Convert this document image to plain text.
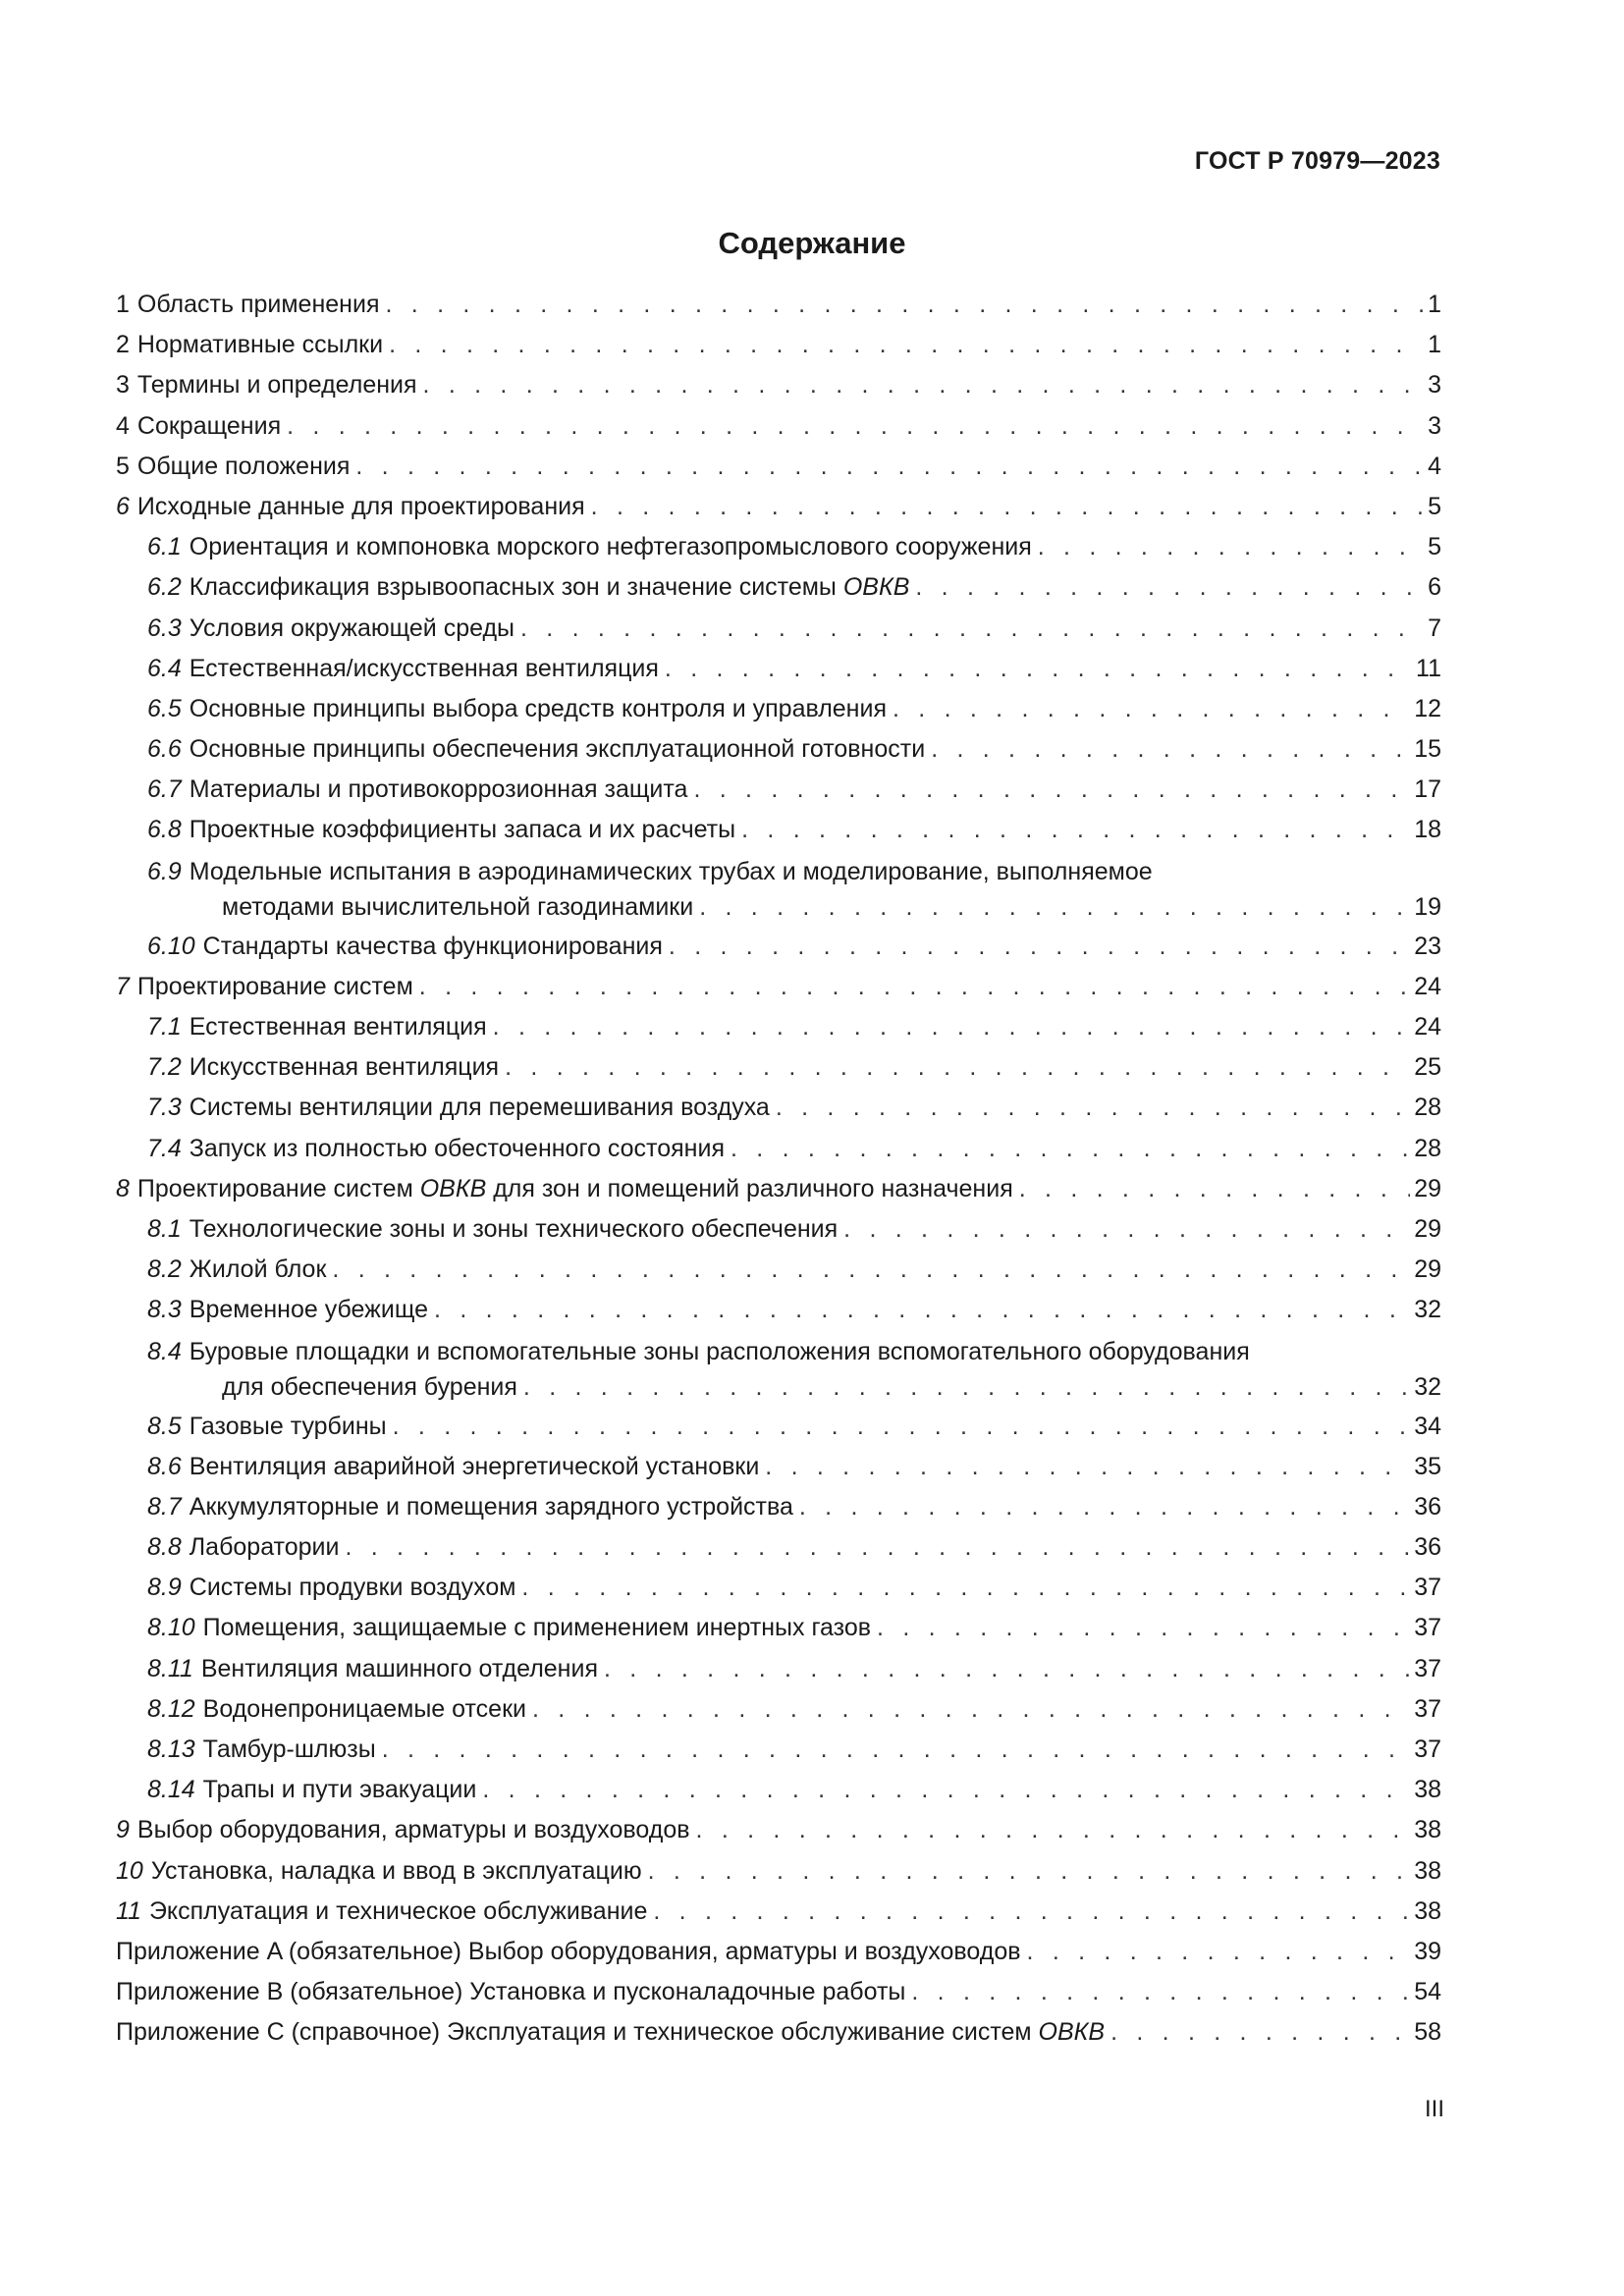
ГОСТ Р 70979—2023
Содержание
1 Область применения . . .	1
2 Нормативные ссылки . . .	1
3 Термины и определения . . .	3
4 Сокращения . . .	3
5 Общие положения . . .	4
6 Исходные данные для проектирования . . .	5
6.1 Ориентация и компоновка морского нефтегазопромыслового сооружения . . .	5
6.2 Классификация взрывоопасных зон и значение системы ОВКВ . . .	6
6.3 Условия окружающей среды . . .	7
6.4 Естественная/искусственная вентиляция . . .	11
6.5 Основные принципы выбора средств контроля и управления . . .	12
6.6 Основные принципы обеспечения эксплуатационной готовности . . .	15
6.7 Материалы и противокоррозионная защита . . .	17
6.8 Проектные коэффициенты запаса и их расчеты . . .	18
6.9 Модельные испытания в аэродинамических трубах и моделирование, выполняемое
методами вычислительной газодинамики . . .	19
6.10 Стандарты качества функционирования . . .	23
7 Проектирование систем . . .	24
7.1 Естественная вентиляция . . .	24
7.2 Искусственная вентиляция . . .	25
7.3 Системы вентиляции для перемешивания воздуха . . .	28
7.4 Запуск из полностью обесточенного состояния . . .	28
8 Проектирование систем ОВКВ для зон и помещений различного назначения . . .	29
8.1 Технологические зоны и зоны технического обеспечения . . .	29
8.2 Жилой блок . . .	29
8.3 Временное убежище . . .	32
8.4 Буровые площадки и вспомогательные зоны расположения вспомогательного оборудования
для обеспечения бурения . . .	32
8.5 Газовые турбины . . .	34
8.6 Вентиляция аварийной энергетической установки . . .	35
8.7 Аккумуляторные и помещения зарядного устройства . . .	36
8.8 Лаборатории . . .	36
8.9 Системы продувки воздухом . . .	37
8.10 Помещения, защищаемые с применением инертных газов . . .	37
8.11 Вентиляция машинного отделения . . .	37
8.12 Водонепроницаемые отсеки . . .	37
8.13 Тамбур-шлюзы . . .	37
8.14 Трапы и пути эвакуации . . .	38
9 Выбор оборудования, арматуры и воздуховодов . . .	38
10 Установка, наладка и ввод в эксплуатацию . . .	38
11 Эксплуатация и техническое обслуживание . . .	38
Приложение A (обязательное) Выбор оборудования, арматуры и воздуховодов . . .	39
Приложение B (обязательное) Установка и пусконаладочные работы . . .	54
Приложение C (справочное) Эксплуатация и техническое обслуживание систем ОВКВ . . .	58
III
